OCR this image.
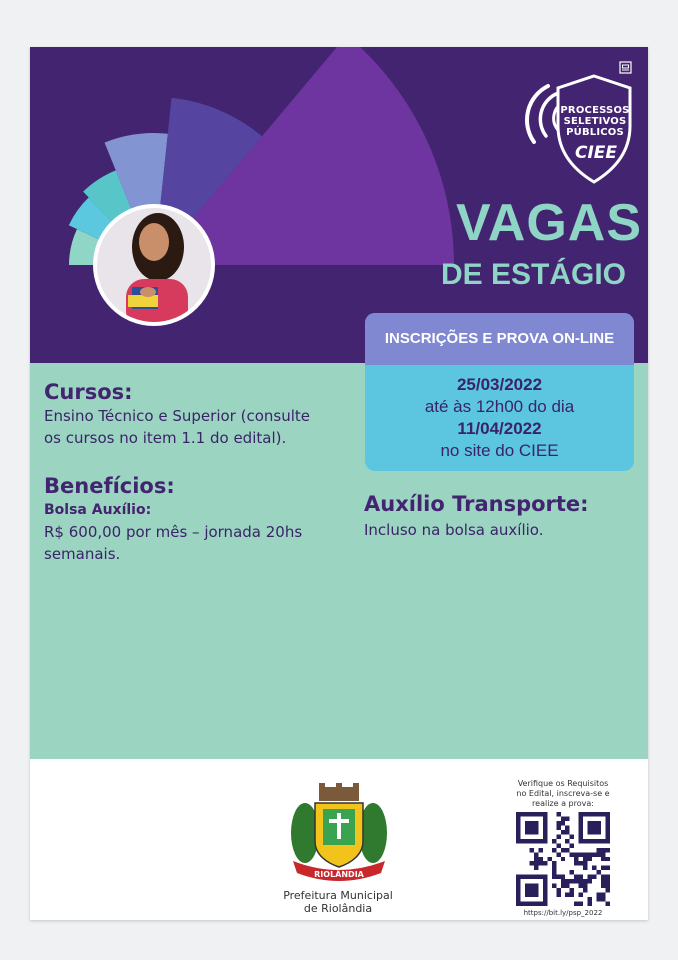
PROCESSOS
SELETIVOS
PÚBLICOS
CIEE
VAGAS
DE ESTÁGIO
Cursos:
Ensino Técnico e Superior (consulte
os cursos no item 1.1 do edital).
Benefícios:
Bolsa Auxílio:
R$ 600,00 por mês – jornada 20hs
semanais.
Auxílio Transporte:
Incluso na bolsa auxílio.
INSCRIÇÕES E PROVA ON-LINE
25/03/2022
até às 12h00 do dia
11/04/2022
no site do CIEE
RIOLÂNDIA
Prefeitura Municipal
de Riolândia
Verifique os Requisitos
no Edital, inscreva-se e
realize a prova:
https://bit.ly/psp_2022
